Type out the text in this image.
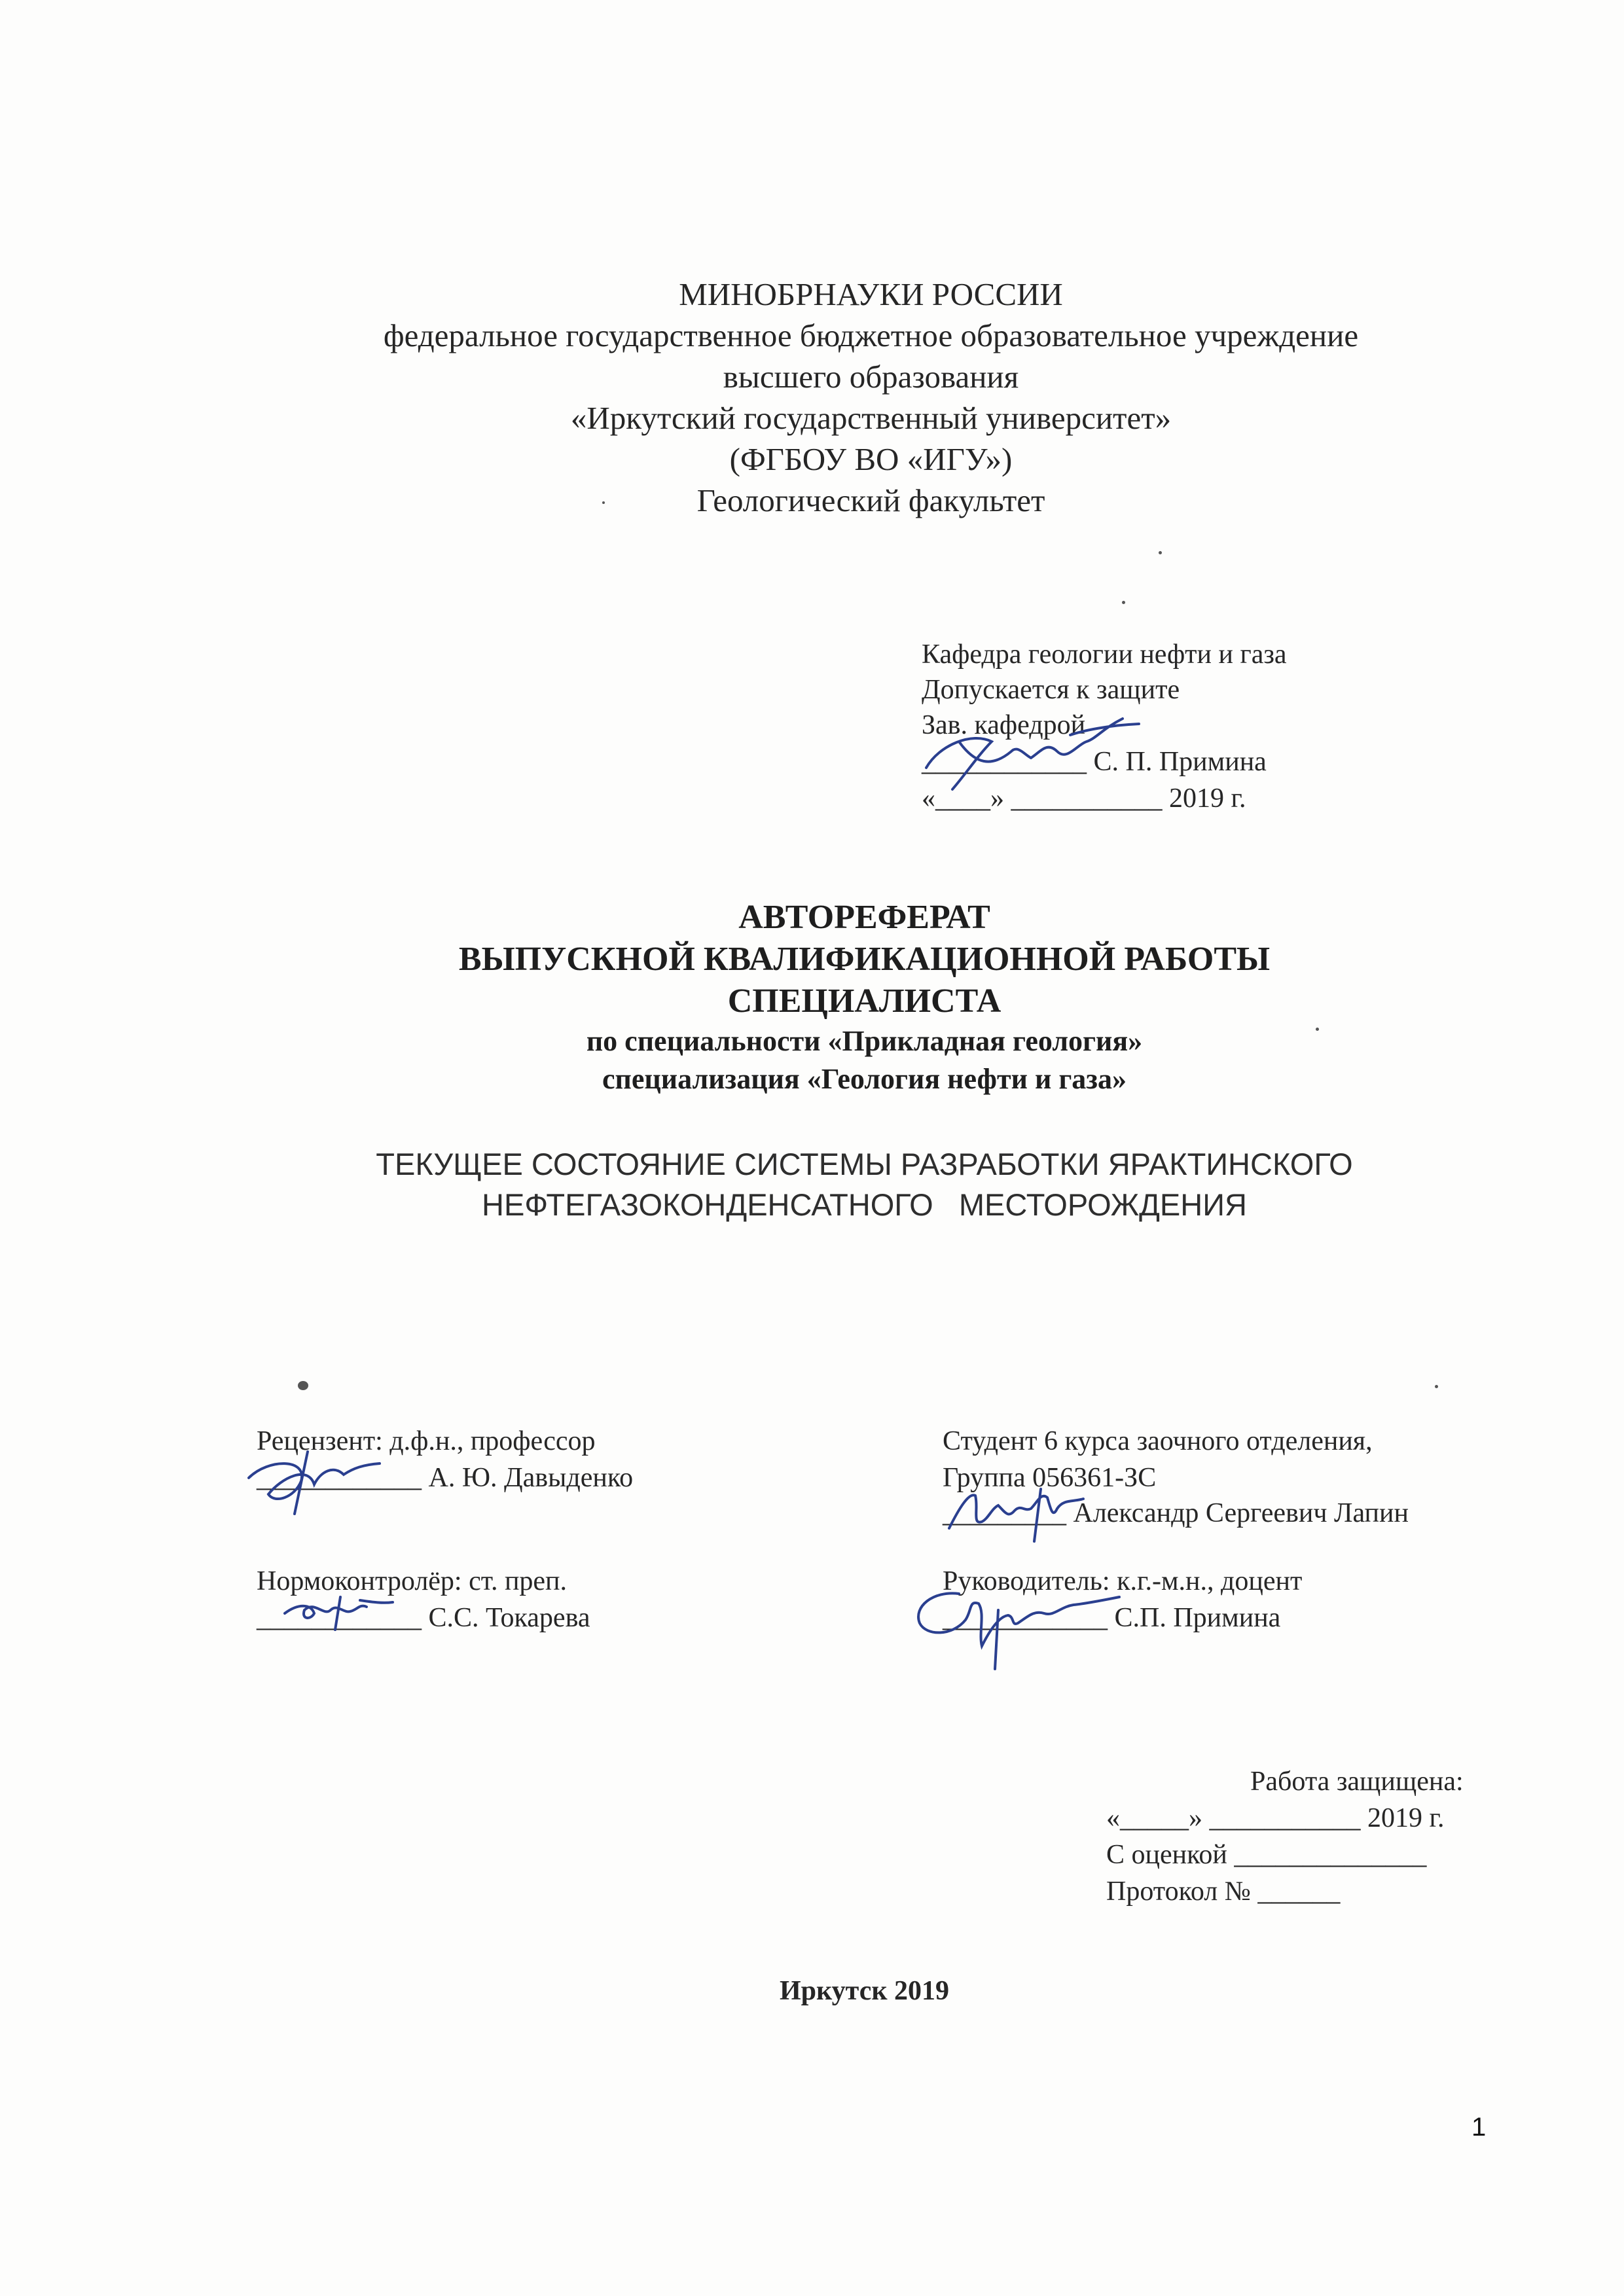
МИНОБРНАУКИ РОССИИ
федеральное государственное бюджетное образовательное учреждение
высшего образования
«Иркутский государственный университет»
(ФГБОУ ВО «ИГУ»)
Геологический факультет
Кафедра геологии нефти и газа
Допускается к защите
Зав. кафедрой
____________ С. П. Примина
«____» ___________ 2019 г.
АВТОРЕФЕРАТ
ВЫПУСКНОЙ КВАЛИФИКАЦИОННОЙ РАБОТЫ
СПЕЦИАЛИСТА
по специальности «Прикладная геология»
специализация «Геология нефти и газа»
ТЕКУЩЕЕ СОСТОЯНИЕ СИСТЕМЫ РАЗРАБОТКИ ЯРАКТИНСКОГО
НЕФТЕГАЗОКОНДЕНСАТНОГО   МЕСТОРОЖДЕНИЯ
Рецензент: д.ф.н., профессор
____________ А. Ю. Давыденко
Нормоконтролёр: ст. преп.
____________ С.С. Токарева
Студент 6 курса заочного отделения,
Группа 056361-ЗС
_________ Александр Сергеевич Лапин
Руководитель: к.г.-м.н., доцент
____________ С.П. Примина
Работа защищена:
«_____» ___________ 2019 г.
С оценкой ______________
Протокол № ______
Иркутск 2019
1
